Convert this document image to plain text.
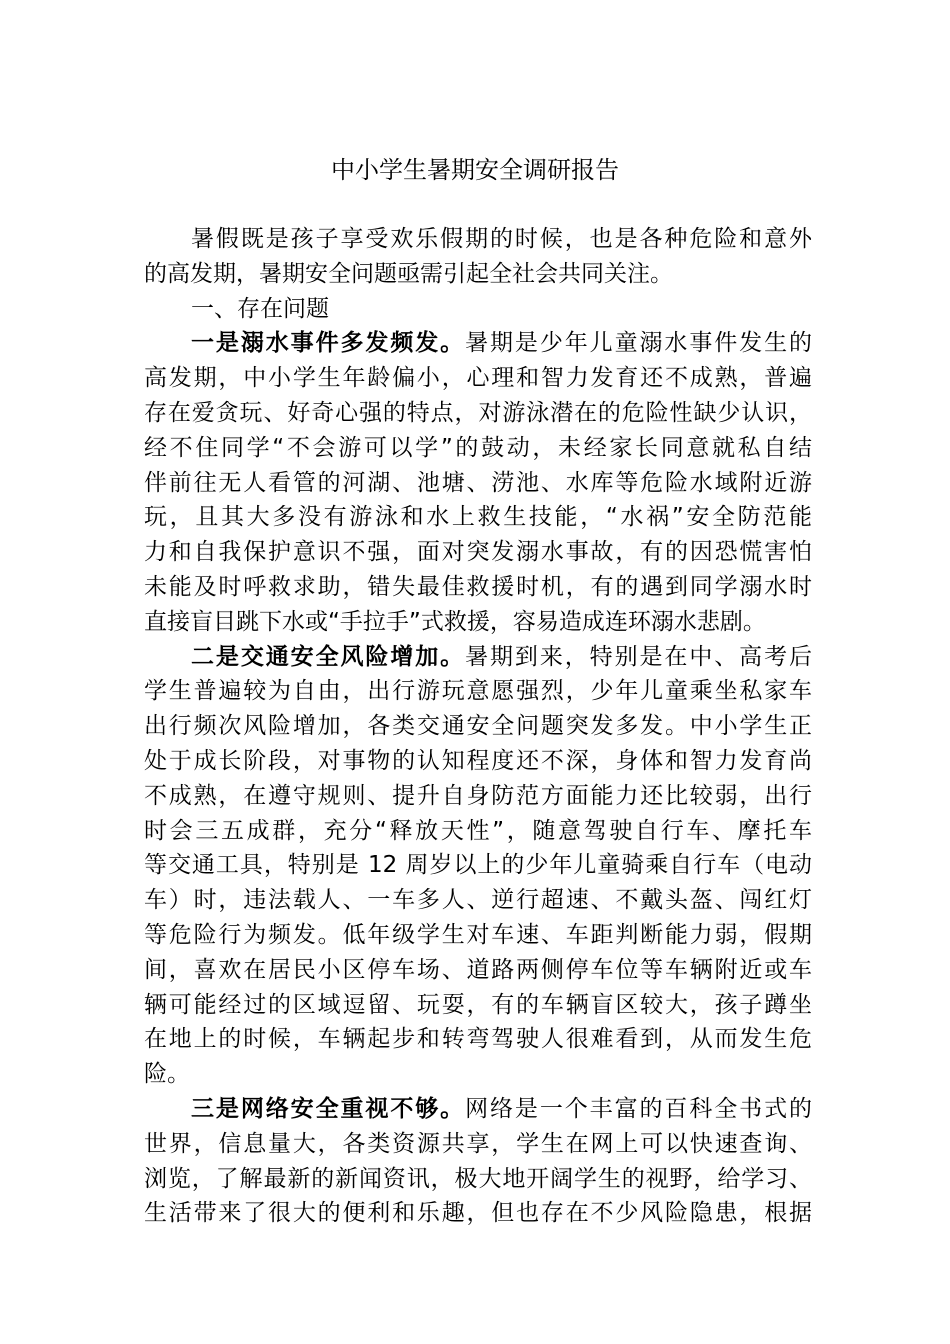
中小学生暑期安全调研报告
暑假既是孩子享受欢乐假期的时候，也是各种危险和意外
的高发期，暑期安全问题亟需引起全社会共同关注。
一、存在问题
一是溺水事件多发频发。暑期是少年儿童溺水事件发生的
高发期，中小学生年龄偏小，心理和智力发育还不成熟，普遍
存在爱贪玩、好奇心强的特点，对游泳潜在的危险性缺少认识，
经不住同学“不会游可以学”的鼓动，未经家长同意就私自结
伴前往无人看管的河湖、池塘、涝池、水库等危险水域附近游
玩，且其大多没有游泳和水上救生技能，“水祸”安全防范能
力和自我保护意识不强，面对突发溺水事故，有的因恐慌害怕
未能及时呼救求助，错失最佳救援时机，有的遇到同学溺水时
直接盲目跳下水或“手拉手”式救援，容易造成连环溺水悲剧。
二是交通安全风险增加。暑期到来，特别是在中、高考后
学生普遍较为自由，出行游玩意愿强烈，少年儿童乘坐私家车
出行频次风险增加，各类交通安全问题突发多发。中小学生正
处于成长阶段，对事物的认知程度还不深，身体和智力发育尚
不成熟，在遵守规则、提升自身防范方面能力还比较弱，出行
时会三五成群，充分“释放天性”，随意驾驶自行车、摩托车
等交通工具，特别是 12 周岁以上的少年儿童骑乘自行车（电动
车）时，违法载人、一车多人、逆行超速、不戴头盔、闯红灯
等危险行为频发。低年级学生对车速、车距判断能力弱，假期
间，喜欢在居民小区停车场、道路两侧停车位等车辆附近或车
辆可能经过的区域逗留、玩耍，有的车辆盲区较大，孩子蹲坐
在地上的时候，车辆起步和转弯驾驶人很难看到，从而发生危
险。
三是网络安全重视不够。网络是一个丰富的百科全书式的
世界，信息量大，各类资源共享，学生在网上可以快速查询、
浏览，了解最新的新闻资讯，极大地开阔学生的视野，给学习、
生活带来了很大的便利和乐趣，但也存在不少风险隐患，根据
